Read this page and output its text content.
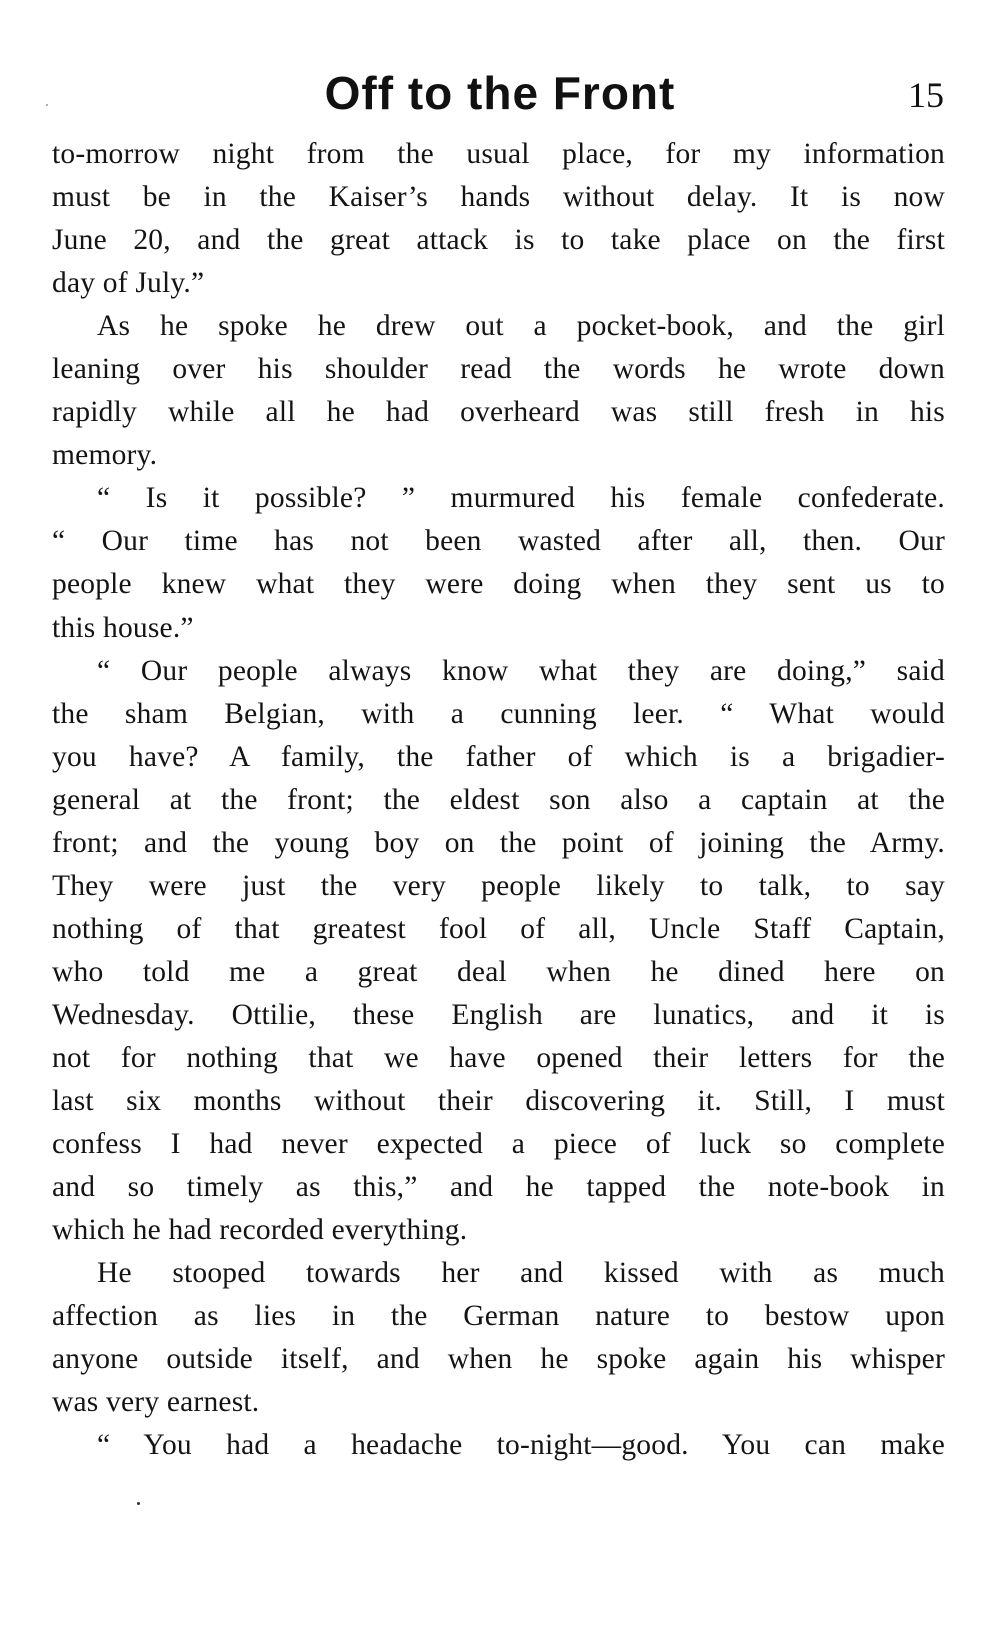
Off to the Front	15
to-morrow night from the usual place, for my information
must be in the Kaiser’s hands without delay. It is now
June 20, and the great attack is to take place on the first
day of July.”
As he spoke he drew out a pocket-book, and the girl
leaning over his shoulder read the words he wrote down
rapidly while all he had overheard was still fresh in his
memory.
“ Is it possible? ” murmured his female confederate.
“ Our time has not been wasted after all, then. Our
people knew what they were doing when they sent us to
this house.”
“ Our people always know what they are doing,” said
the sham Belgian, with a cunning leer. “ What would
you have? A family, the father of which is a brigadier-
general at the front; the eldest son also a captain at the
front; and the young boy on the point of joining the Army.
They were just the very people likely to talk, to say
nothing of that greatest fool of all, Uncle Staff Captain,
who told me a great deal when he dined here on
Wednesday. Ottilie, these English are lunatics, and it is
not for nothing that we have opened their letters for the
last six months without their discovering it. Still, I must
confess I had never expected a piece of luck so complete
and so timely as this,” and he tapped the note-book in
which he had recorded everything.
He stooped towards her and kissed with as much
affection as lies in the German nature to bestow upon
anyone outside itself, and when he spoke again his whisper
was very earnest.
“ You had a headache to-night—good. You can make
